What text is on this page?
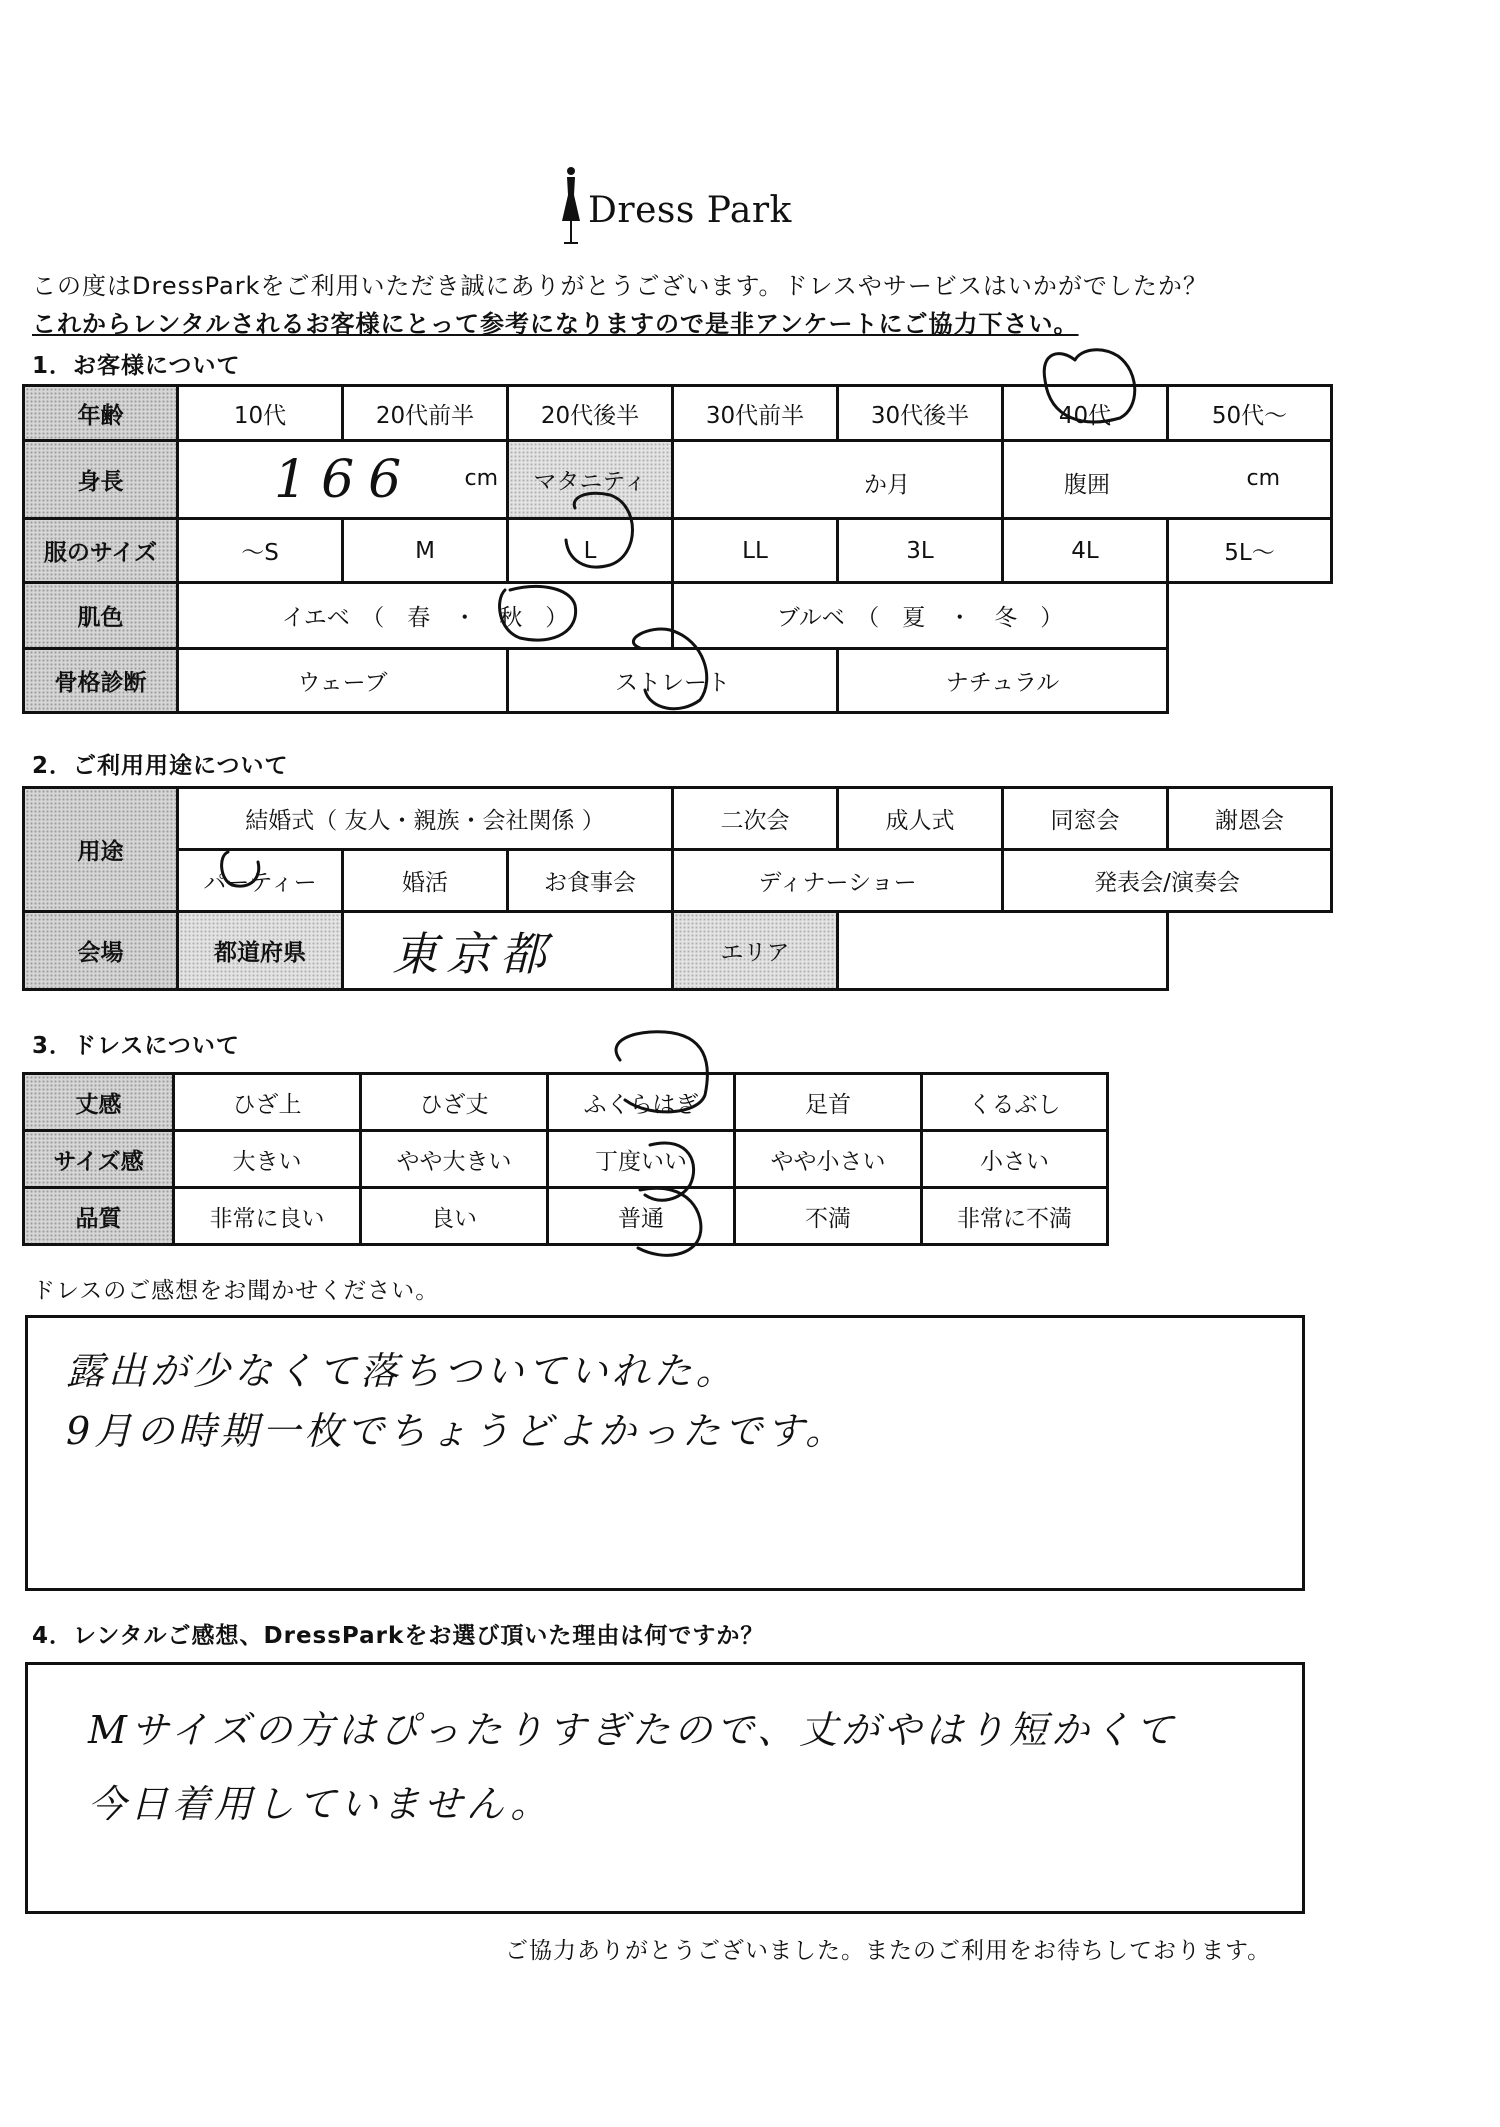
Dress Park
この度はDressParkをご利用いただき誠にありがとうございます。ドレスやサービスはいかがでしたか？
これからレンタルされるお客様にとって参考になりますので是非アンケートにご協力下さい。
1．お客様について
年齢	10代	20代前半	20代後半	30代前半	30代後半	40代	50代～
身長	166 cm		マタニティ	か月		腹囲 cm	

服のサイズ	～S	M	L	LL	3L	4L	5L～
肌色	イエベ　（　春　・　秋　）			ブルベ　（　夏　・　冬　）			
骨格診断	ウェーブ		ストレート		ナチュラル		
2．ご利用用途について
用途	結婚式（ 友人・親族・会社関係 ）			二次会	成人式	同窓会	謝恩会
	パーティー	婚活	お食事会	ディナーショー		発表会/演奏会	
会場	都道府県	東京都		エリア			
3．ドレスについて
丈感	ひざ上	ひざ丈	ふくらはぎ	足首	くるぶし
サイズ感	大きい	やや大きい	丁度いい	やや小さい	小さい
品質	非常に良い	良い	普通	不満	非常に不満
ドレスのご感想をお聞かせください。
露出が少なくて落ちついていれた。
9月の時期一枚でちょうどよかったです。
4．レンタルご感想、DressParkをお選び頂いた理由は何ですか？
Mサイズの方はぴったりすぎたので、丈がやはり短かくて
今日着用していません。
ご協力ありがとうございました。またのご利用をお待ちしております。
